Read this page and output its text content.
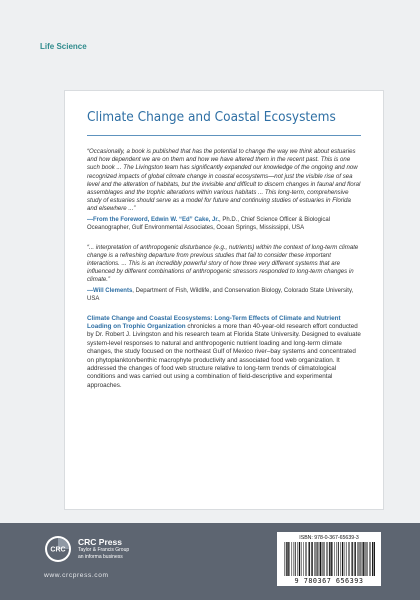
Life Science
Climate Change and Coastal Ecosystems

“Occasionally, a book is published that has the potential to change the way we think about estuaries and how dependent we are on them and how we have altered them in the recent past. This is one such book ... The Livingston team has significantly expanded our knowledge of the ongoing and now recognized impacts of global climate change in coastal ecosystems—not just the visible rise of sea level and the alteration of habitats, but the invisible and difficult to discern changes in faunal and floral assemblages and the trophic alterations within various habitats ... This long-term, comprehensive study of estuaries should serve as a model for future and continuing studies of estuaries in Florida and elsewhere ...”

—From the Foreword, Edwin W. “Ed” Cake, Jr., Ph.D., Chief Science Officer & Biological Oceanographer, Gulf Environmental Associates, Ocean Springs, Mississippi, USA

“... interpretation of anthropogenic disturbance (e.g., nutrients) within the context of long-term climate change is a refreshing departure from previous studies that fail to consider these important interactions. ... This is an incredibly powerful story of how three very different systems that are influenced by different combinations of anthropogenic stressors responded to long-term changes in climate.”

—Will Clements, Department of Fish, Wildlife, and Conservation Biology, Colorado State University, USA

Climate Change and Coastal Ecosystems: Long-Term Effects of Climate and Nutrient Loading on Trophic Organization chronicles a more than 40-year-old research effort conducted by Dr. Robert J. Livingston and his research team at Florida State University. Designed to evaluate system-level responses to natural and anthropogenic nutrient loading and long-term climate changes, the study focused on the northeast Gulf of Mexico river–bay systems and concentrated on phytoplankton/benthic macrophyte productivity and associated food web organization. It addressed the changes of food web structure relative to long-term trends of climatological conditions and was carried out using a combination of field-descriptive and experimental approaches.

CRC
CRC Press
Taylor & Francis Group
an informa business
www.crcpress.com
ISBN: 978-0-367-65639-3
9 780367 656393
